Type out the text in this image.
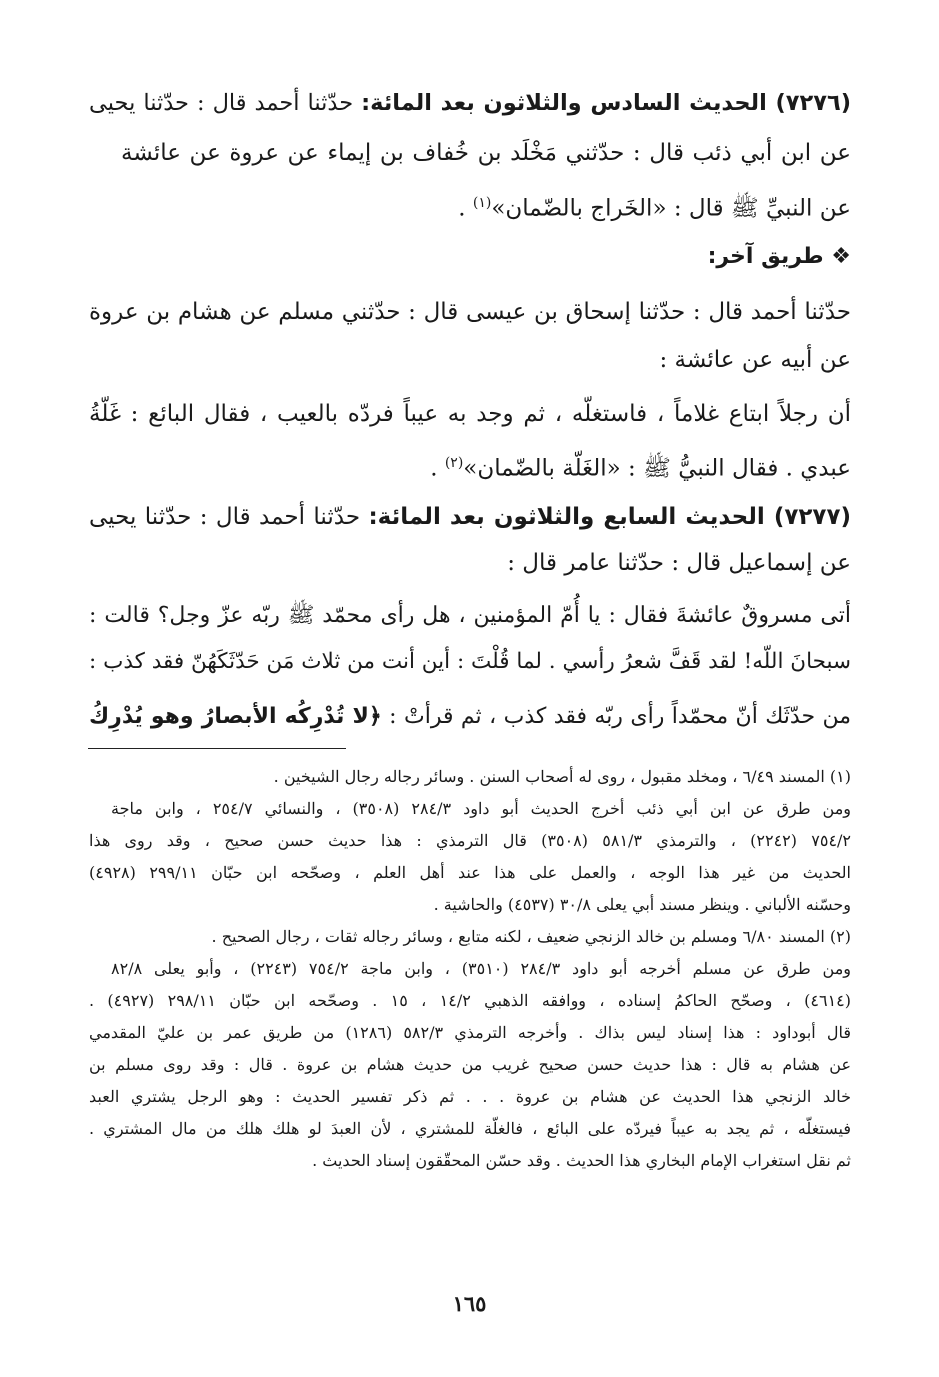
(٧٢٧٦) الحديث السادس والثلاثون بعد المائة: حدّثنا أحمد قال : حدّثنا يحيى
عن ابن أبي ذئب قال : حدّثني مَخْلَد بن خُفاف بن إيماء عن عروة عن عائشة
عن النبيِّ ﷺ قال : «الخَراج بالضّمان»$^{(١)}$ .
❖ طريق آخر:
حدّثنا أحمد قال : حدّثنا إسحاق بن عيسى قال : حدّثني مسلم عن هشام بن عروة
عن أبيه عن عائشة :
أن رجلاً ابتاع غلاماً ، فاستغلّه ، ثم وجد به عيباً فردّه بالعيب ، فقال البائع : غَلّةُ
عبدي . فقال النبيُّ ﷺ : «الغَلّة بالضّمان»$^{(٢)}$ .
(٧٢٧٧) الحديث السابع والثلاثون بعد المائة: حدّثنا أحمد قال : حدّثنا يحيى
عن إسماعيل قال : حدّثنا عامر قال :
أتى مسروقٌ عائشةَ فقال : يا أُمّ المؤمنين ، هل رأى محمّد ﷺ ربّه عزّ وجل؟ قالت :
سبحانَ اللّه! لقد قَفَّ شعرُ رأسي . لما قُلْتَ : أين أنت من ثلاث مَن حَدّثَكَهُنّ فقد كذب :
من حدّثَك أنّ محمّداً رأى ربّه فقد كذب ، ثم قرأتْ : ﴿لا تُدْرِكُه الأبصارُ وهو يُدْرِكُ
(١) المسند ٦/٤٩ ، ومخلد مقبول ، روى له أصحاب السنن . وسائر رجاله رجال الشيخين .
ومن طرق عن ابن أبي ذئب أخرج الحديث أبو داود ٢٨٤/٣ (٣٥٠٨) ، والنسائي ٢٥٤/٧ ، وابن ماجة
٧٥٤/٢ (٢٢٤٢) ، والترمذي ٥٨١/٣ (٣٥٠٨) قال الترمذي : هذا حديث حسن صحيح ، وقد روى هذا
الحديث من غير هذا الوجه ، والعمل على هذا عند أهل العلم ، وصحّحه ابن حبّان ٢٩٩/١١ (٤٩٢٨)
وحسّنه الألباني . وينظر مسند أبي يعلى ٣٠/٨ (٤٥٣٧) والحاشية .
(٢) المسند ٦/٨٠ ومسلم بن خالد الزنجي ضعيف ، لكنه متابع ، وسائر رجاله ثقات ، رجال الصحيح .
ومن طرق عن مسلم أخرجه أبو داود ٢٨٤/٣ (٣٥١٠) ، وابن ماجة ٧٥٤/٢ (٢٢٤٣) ، وأبو يعلى ٨٢/٨
(٤٦١٤) ، وصحّح الحاكمُ إسناده ، ووافقه الذهبي ١٤/٢ ، ١٥ . وصحّحه ابن حبّان ٢٩٨/١١ (٤٩٢٧) .
قال أبوداود : هذا إسناد ليس بذاك . وأخرجه الترمذي ٥٨٢/٣ (١٢٨٦) من طريق عمر بن عليّ المقدمي
عن هشام به قال : هذا حديث حسن صحيح غريب من حديث هشام بن عروة . قال : وقد روى مسلم بن
خالد الزنجي هذا الحديث عن هشام بن عروة . . . ثم ذكر تفسير الحديث : وهو الرجل يشتري العبد
فيستغلّه ، ثم يجد به عيباً فيردّه على البائع ، فالغلّة للمشتري ، لأن العبدَ لو هلك هلك من مال المشتري .
ثم نقل استغراب الإمام البخاري هذا الحديث . وقد حسّن المحقّقون إسناد الحديث .
١٦٥
